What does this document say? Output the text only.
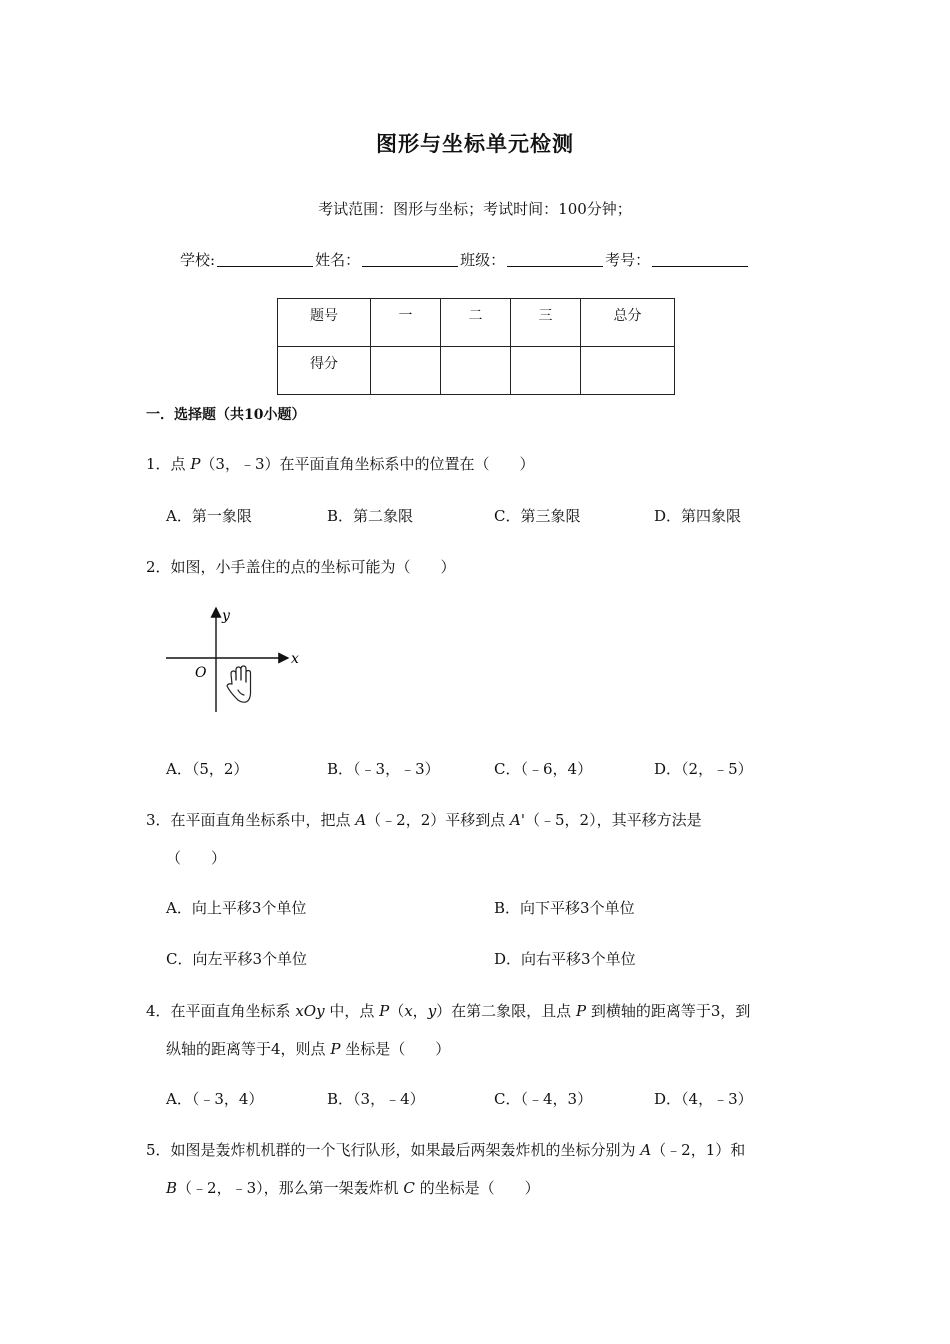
图形与坐标单元检测
考试范围：图形与坐标；考试时间：100分钟；
学校:	姓名：	班级：	考号：
题号	一	二	三	总分
得分				
一．选择题（共10小题）
1．点 P（3，﹣3）在平面直角坐标系中的位置在（　　）
A．第一象限	B．第二象限	C．第三象限	D．第四象限
2．如图，小手盖住的点的坐标可能为（　　）
y
x
O
A．（5，2）	B．（﹣3，﹣3）	C．（﹣6，4）	D．（2，﹣5）
3．在平面直角坐标系中，把点 A（﹣2，2）平移到点 A'（﹣5，2），其平移方法是
（　　）
A．向上平移3个单位	B．向下平移3个单位
C．向左平移3个单位	D．向右平移3个单位
4．在平面直角坐标系 xOy 中，点 P（x，y）在第二象限，且点 P 到横轴的距离等于3，到
纵轴的距离等于4，则点 P 坐标是（　　）
A．（﹣3，4）	B．（3，﹣4）	C．（﹣4，3）	D．（4，﹣3）
5．如图是轰炸机机群的一个飞行队形，如果最后两架轰炸机的坐标分别为 A（﹣2，1）和
B（﹣2，﹣3），那么第一架轰炸机 C 的坐标是（　　）
